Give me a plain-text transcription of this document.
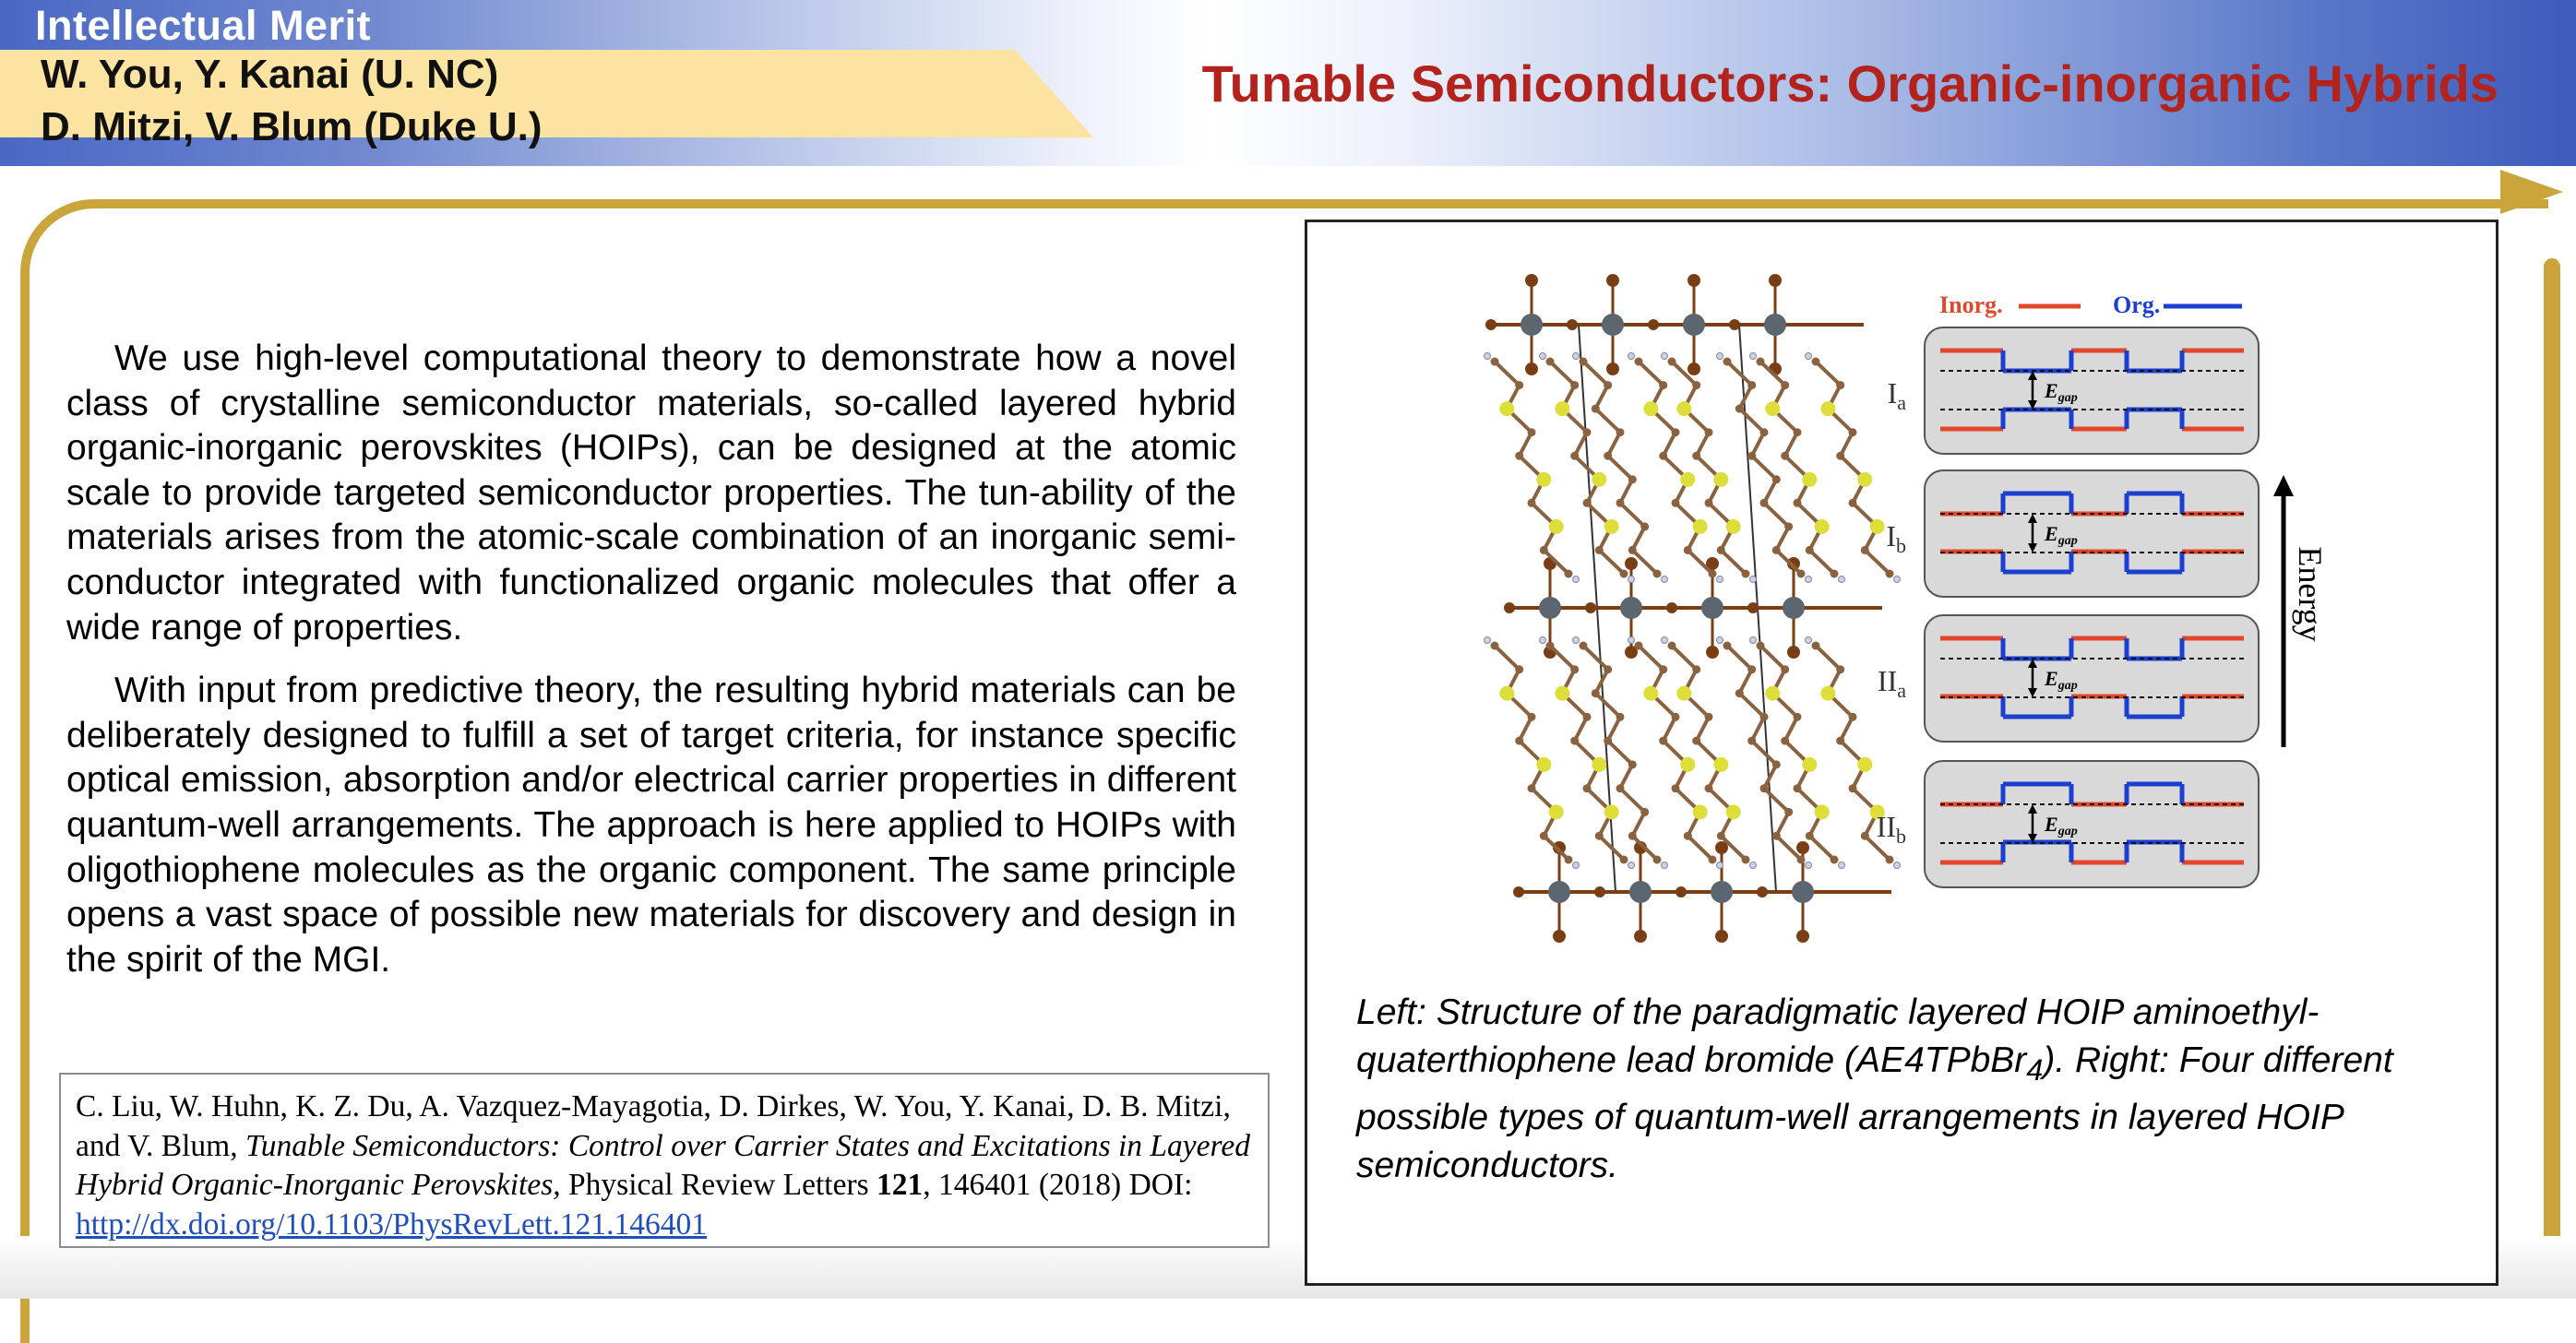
Intellectual Merit
W. You, Y. Kanai (U. NC)
D. Mitzi, V. Blum (Duke U.)
Tunable Semiconductors: Organic-inorganic Hybrids

We use high-level computational theory to demonstrate how a novel class of crystalline semiconductor materials, so-called layered hybrid organic-inorganic perovskites (HOIPs), can be designed at the atomic scale to provide targeted semiconductor properties. The tun-ability of the materials arises from the atomic-scale combination of an inorganic semi-conductor integrated with functionalized organic molecules that offer a wide range of properties.

With input from predictive theory, the resulting hybrid materials can be deliberately designed to fulfill a set of target criteria, for instance specific optical emission, absorption and/or electrical carrier properties in different quantum-well arrangements. The approach is here applied to HOIPs with oligothiophene molecules as the organic component. The same principle opens a vast space of possible new materials for discovery and design in the spirit of the MGI.

C. Liu, W. Huhn, K. Z. Du, A. Vazquez-Mayagotia, D. Dirkes, W. You, Y. Kanai, D. B. Mitzi, and V. Blum, Tunable Semiconductors: Control over Carrier States and Excitations in Layered Hybrid Organic-Inorganic Perovskites, Physical Review Letters 121, 146401 (2018) DOI: http://dx.doi.org/10.1103/PhysRevLett.121.146401
Inorg.	Org.
$I_a$
Egap
$I_b$
Egap
$II_a$
Egap
$II_b$
Egap
Energy
Left: Structure of the paradigmatic layered HOIP aminoethyl-quaterthiophene lead bromide (AE4TPbBr$_4$). Right: Four different possible types of quantum-well arrangements in layered HOIP semiconductors.
